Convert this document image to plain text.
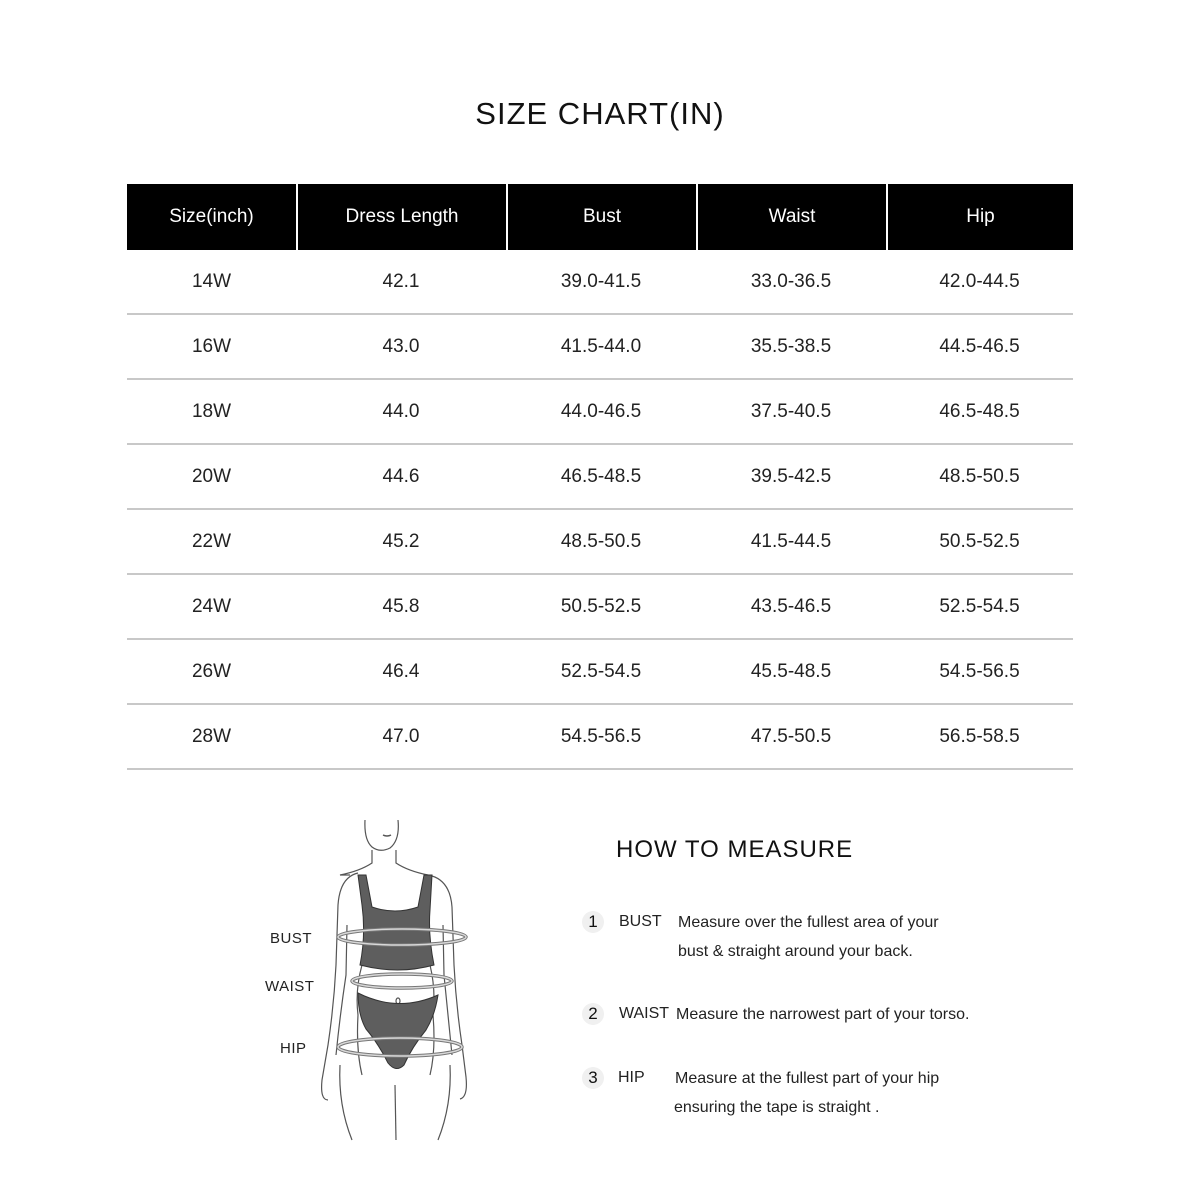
SIZE CHART(IN)
Size(inch)	Dress Length	Bust	Waist	Hip
14W	42.1	39.0-41.5	33.0-36.5	42.0-44.5
16W	43.0	41.5-44.0	35.5-38.5	44.5-46.5
18W	44.0	44.0-46.5	37.5-40.5	46.5-48.5
20W	44.6	46.5-48.5	39.5-42.5	48.5-50.5
22W	45.2	48.5-50.5	41.5-44.5	50.5-52.5
24W	45.8	50.5-52.5	43.5-46.5	52.5-54.5
26W	46.4	52.5-54.5	45.5-48.5	54.5-56.5
28W	47.0	54.5-56.5	47.5-50.5	56.5-58.5
BUST
WAIST
HIP
HOW TO MEASURE
1	BUST Measure over the fullest area of your
bust & straight around your back.
2	WAIST Measure the narrowest part of your torso.
3	HIP Measure at the fullest part of your hip
ensuring the tape is straight .
